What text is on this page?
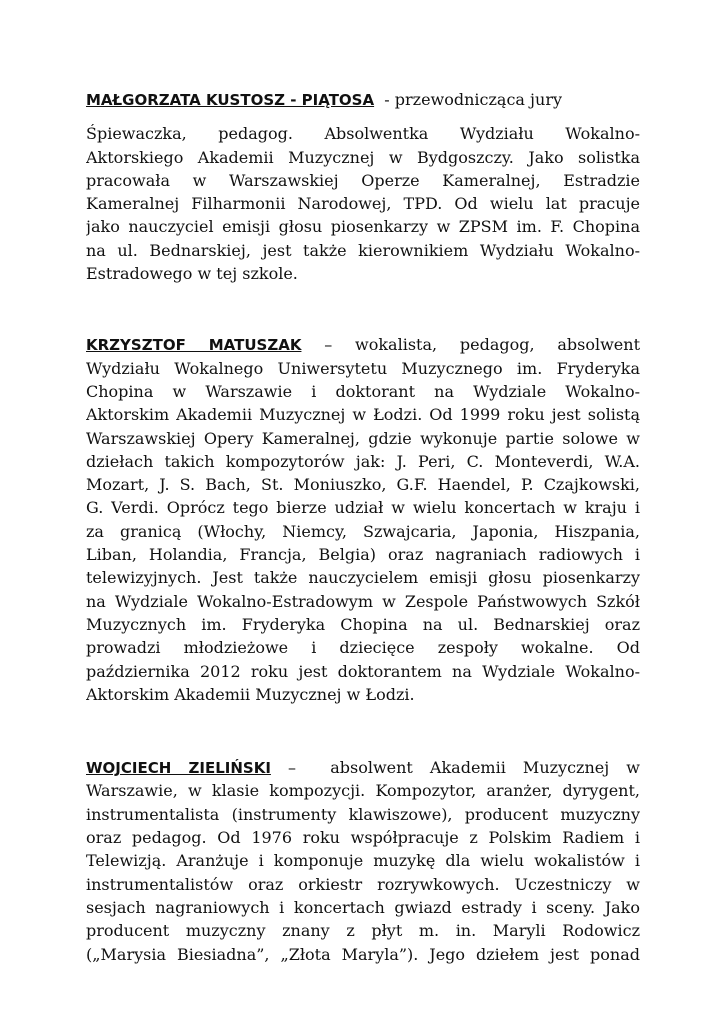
MAŁGORZATA KUSTOSZ - PIĄTOSA  - przewodnicząca jury
Śpiewaczka, pedagog. Absolwentka Wydziału Wokalno-
Aktorskiego Akademii Muzycznej w Bydgoszczy. Jako solistka
pracowała w Warszawskiej Operze Kameralnej, Estradzie
Kameralnej Filharmonii Narodowej, TPD. Od wielu lat pracuje
jako nauczyciel emisji głosu piosenkarzy w ZPSM im. F. Chopina
na ul. Bednarskiej, jest także kierownikiem Wydziału Wokalno-
Estradowego w tej szkole.
KRZYSZTOF MATUSZAK – wokalista, pedagog, absolwent
Wydziału Wokalnego Uniwersytetu Muzycznego im. Fryderyka
Chopina w Warszawie i doktorant na Wydziale Wokalno-
Aktorskim Akademii Muzycznej w Łodzi. Od 1999 roku jest solistą
Warszawskiej Opery Kameralnej, gdzie wykonuje partie solowe w
dziełach takich kompozytorów jak: J. Peri, C. Monteverdi, W.A.
Mozart, J. S. Bach, St. Moniuszko, G.F. Haendel, P. Czajkowski,
G. Verdi. Oprócz tego bierze udział w wielu koncertach w kraju i
za granicą (Włochy, Niemcy, Szwajcaria, Japonia, Hiszpania,
Liban, Holandia, Francja, Belgia) oraz nagraniach radiowych i
telewizyjnych. Jest także nauczycielem emisji głosu piosenkarzy
na Wydziale Wokalno-Estradowym w Zespole Państwowych Szkół
Muzycznych im. Fryderyka Chopina na ul. Bednarskiej oraz
prowadzi młodzieżowe i dziecięce zespoły wokalne. Od
października 2012 roku jest doktorantem na Wydziale Wokalno-
Aktorskim Akademii Muzycznej w Łodzi.
WOJCIECH ZIELIŃSKI –  absolwent Akademii Muzycznej w
Warszawie, w klasie kompozycji. Kompozytor, aranżer, dyrygent,
instrumentalista (instrumenty klawiszowe), producent muzyczny
oraz pedagog. Od 1976 roku współpracuje z Polskim Radiem i
Telewizją. Aranżuje i komponuje muzykę dla wielu wokalistów i
instrumentalistów oraz orkiestr rozrywkowych. Uczestniczy w
sesjach nagraniowych i koncertach gwiazd estrady i sceny. Jako
producent muzyczny znany z płyt m. in. Maryli Rodowicz
(„Marysia Biesiadna”, „Złota Maryla”). Jego dziełem jest ponad
